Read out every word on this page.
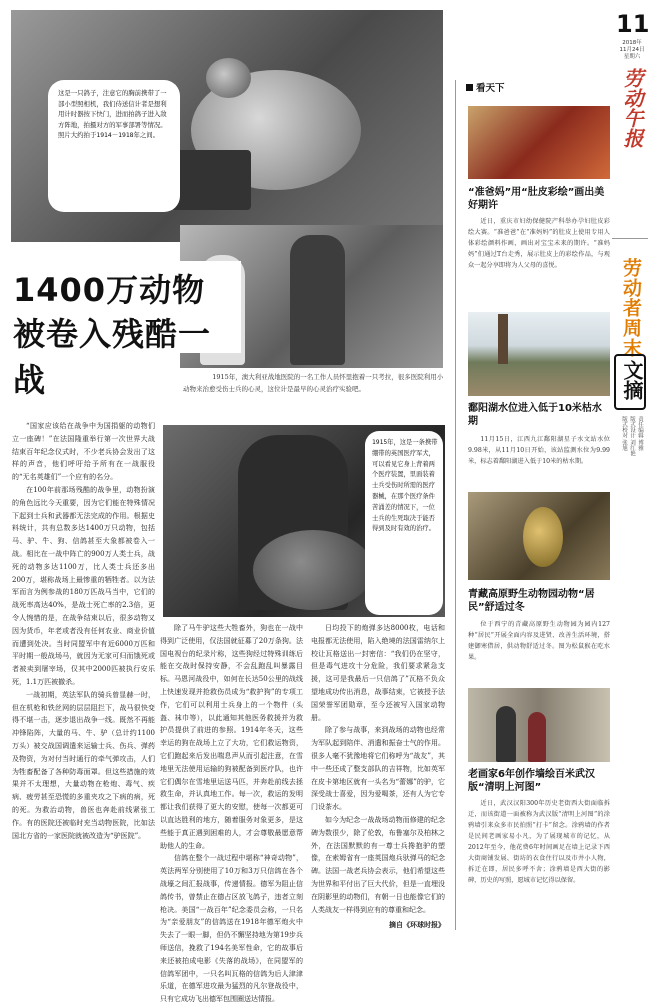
这是一只鸽子，注意它的胸前携带了一部小型照相机，我们侍送信计者是想利用计时器按下快门，进而拍鸽子进入敌方阵地，拍摄对方的军事部署等情况。照片大约拍于1914－1918年之间。
1915年，澳大利亚战地医院的一名工作人员怀里抱着一只考拉，很多医院利用小动物来治愈受伤士兵的心灵，这位计是最早的心灵治疗实验吧。
1400万动物
被卷入残酷一战
1915年，这是一条携带绷带的英国医疗军犬，可以看见它身上背着两个医疗装置，里面装着士兵受伤时所需的医疗器械，在那个医疗条件苦涌差的情况下，一位士兵的生死取决于能否得到及时有效的治疗。

“国家应该给在战争中为国捐躯的动物们立一座碑！”在法国隆重举行第一次世界大战结束百年纪念仪式时，不少老兵协会发出了这样的声音，他们呼吁给予所有在一战服役的“无名英雄们”一个应有的名分。

在100年前那场残酷的战争里，动物扮演的角色远比今天重要，因为它们能在特殊情况下起到士兵和武器都无法完成的作用。根据史料统计，共有总数多达1400万只动物，包括马、驴、牛、狗、信鸽甚至大象都被卷入一战。相比在一战中阵亡的900万人类士兵，战死的动物多达1100万，比人类士兵还多出200万，堪称战场上最惨重的牺牲者。以为法军而言为例参战的180万匹战马当中，它们的战死率高达40%，是战士死亡率的2.3倍，更令人惋惜的是，在战争结束以后，很多动物又因为货币，年老或者没有任何农业、商业价值而遭到处决。当时同盟军中有近6000万匹和平时期一般战场马，就因为无家可归而饿死或者被卖到屠宰场，仅其中2000匹被执行安乐死，1.1万匹被撤杀。

一战初期，英法军队的骑兵曾显赫一时，但在机枪和铁丝网的层层阻拦下，战马很快变得不堪一击，逐步退出战争一线。既然不再能冲锋陷阵，大量的马、牛、驴（总计约1100万头）被交战国调遣来运输士兵、伤兵、弹药及物资，为对付当时通行的牵气弹攻击，人们为牲畜配备了各种防毒面罩。但这些措施的效果并不太理想，大量动物在枪炮、毒气、疾病、疲劳甚至恐慌的多重夹攻之下病的病，死的死。为救治动物，兽医也奔赴前线紧张工作。有的医院还被临时充当动物医院，比如法国北方省的一家医院就被改造为“驴医院”。

除了马牛驴这些大牲畜外，狗也在一战中得到广泛使用，仅法国就征募了20万条狗。法国电视台的纪录片称，这些狗经过特殊训练后能在交战时保持安静，不会乱跑乱叫暴露目标。马恩河战役中，如何在长达50公里的战线上快速发现并抢救伤员成为“救护狗”的专项工作，它们可以利用士兵身上的一个物件（头盔、袜巾等），以此通知其他医务救援并为救护员提供了前进的参照。1914年冬天，这些幸运的狗在战场上立了大功，它们救运物资，它们跑起来后发出喘息声从而引起注意，在雪地里无法使用运输的狗被配备到医疗队，也许它们偶尔在雪地里运送马匹，并奔赴前线去拯救生命，并认真地工作。每一次，救运的发明都让我们获得了更大的安慰，使每一次都更可以直达胜利的地方，随着服务对象更多，是这些能于真正遇到困难的人，才会尊敬最愿意帮助他人的生命。

信鸽在整个一战过程中堪称“神奇动物”，英法两军分别使用了10万和3万只信鸽在各个战壕之间汇报战事，传递情报。德军为阻止信鸽传书，曾禁止在德占区放飞鸽子，违者立刻枪决。美国“一战百年”纪念委员会称，一只名为“亲爱朋友”的信鸽送在1918年德军炮火中失去了一眼一脚，但仍不懈坚持地为第19步兵师送信，挽救了194名美军性命，它的故事后来还被拍成电影《失落的战场》，在同盟军的信鸽军团中，一只名叫瓦格的信鸽为后人津津乐道，在德军进攻最为猛烈的凡尔登战役中，只有它成功飞出德军包围圈送达情报。

日均投下的炮弹多达8000枚，电话和电报都无法使用，陷入绝境的法国雷纳尔上校让瓦格送出一封密信：“我们仍在坚守，但是毒气进攻十分危险，我们要求紧急支援，这可是我最后一只信鸽了”瓦格不负众望地成功传出消息，战事结束，它被授予法国荣誉军团勋章，至今还被写入国家动物册。

除了参与战事，来到战场的动物也经常为军队起到陪伴、消遣和振奋士气的作用。很多人毫不犹豫地将它们称呼为“战友”，其中一些还成了整支部队的吉祥物，比如英军在皮卡第地区就有一头名为“蕾娜”的驴，它深受战士喜爱，因为爱喝茶，还有人为它专门设茶水。

如今为纪念一战战场动物而修建的纪念碑为数很少，除了伦敦，布鲁塞尔及柏林之外，在法国默默的有一尊士兵搀抱驴的塑像，在索姆省有一座英国炮兵驮弹马的纪念碑。法国一战老兵协会表示，他们希望这些为世界和平付出了巨大代价，但是一直埋没在阴影里的动物们，有朝一日也能像它们的人类战友一样得到应有的尊重和纪念。

摘自《环球时报》
11
2018年
11月24日
星期六
劳动午报
劳动者周末
文摘
责任编辑 博雅
版式设计 刘红艳
版式校对 张旭
看天下
“准爸妈”用“肚皮彩绘”画出美好期许

近日，重庆市妇幼保健院产科举办孕妇肚皮彩绘大赛。“准爸爸”在“准妈妈”的肚皮上使用专用人体彩绘颜料作画，画出对宝宝未来的期许。“准妈妈”们通过T台走秀，展示肚皮上的彩绘作品，与观众一起分享即将为人父母的喜悦。

鄱阳湖水位进入低于10米枯水期

11月15日，江西九江鄱阳湖星子水文站水位9.98米，从11月10日开始，该站监测水位为9.99米，标志着鄱阳湖进入低于10米的枯水期。

青藏高原野生动物园动物“居民”舒适过冬

位于西宁的青藏高原野生动物园为园内127种“居民”开展全面内容及进贤、改善生活环境，搭建御寒借居，供动物舒适过冬。图为松鼠猴在吃水果。

老画家6年创作墙绘百米武汉版“清明上河图”

近日，武汉汉阳300年历史老街西大街面临拆迁，而该街道一面被称为武汉版“清明上河图”的涂鸦墙引来众多市民拍照“打卡”留念。涂鸦墙的作者是民间老画家易小凡，为了展现城市的记忆，从2012年至今，他花费6年时间画足在墙上记录下西大街商铺发展、街坊的衣食住行以及市井小人物，拆迁在即，居民多呼不舍；涂鸦墙是西大街的影碑，历史的写照，愿城市记忆得以保留。
